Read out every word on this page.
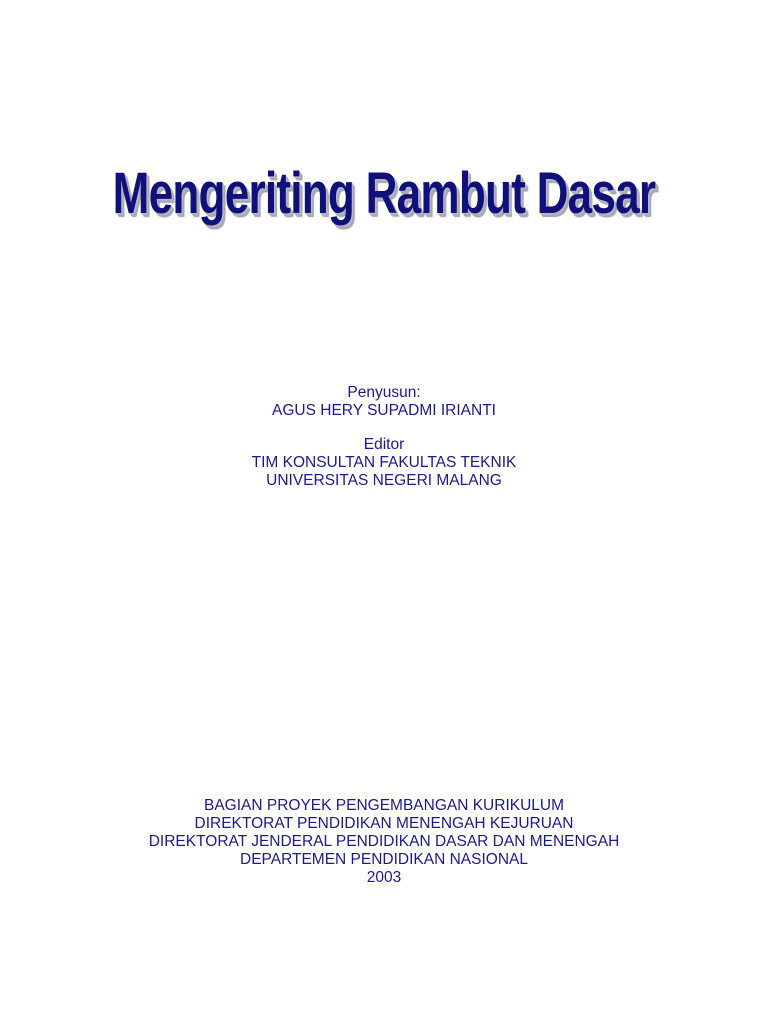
Mengeriting Rambut Dasar
Penyusun:
AGUS HERY SUPADMI IRIANTI
Editor
TIM KONSULTAN FAKULTAS TEKNIK
UNIVERSITAS NEGERI MALANG
BAGIAN PROYEK PENGEMBANGAN KURIKULUM
DIREKTORAT PENDIDIKAN MENENGAH KEJURUAN
DIREKTORAT JENDERAL PENDIDIKAN DASAR DAN MENENGAH
DEPARTEMEN PENDIDIKAN NASIONAL
2003
